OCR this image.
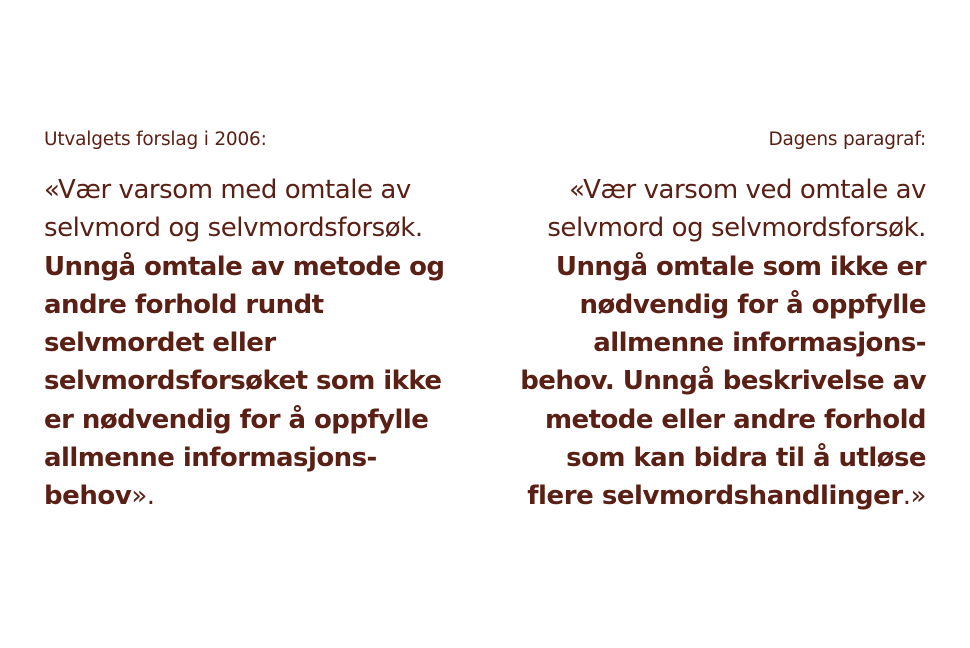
Utvalgets forslag i 2006:

«Vær varsom med omtale av
selvmord og selvmordsforsøk.
Unngå omtale av metode og
andre forhold rundt
selvmordet eller
selvmordsforsøket som ikke
er nødvendig for å oppfylle
allmenne informasjons-
behov».

Dagens paragraf:

«Vær varsom ved omtale av
selvmord og selvmordsforsøk.
Unngå omtale som ikke er
nødvendig for å oppfylle
allmenne informasjons-
behov. Unngå beskrivelse av
metode eller andre forhold
som kan bidra til å utløse
flere selvmordshandlinger.»
